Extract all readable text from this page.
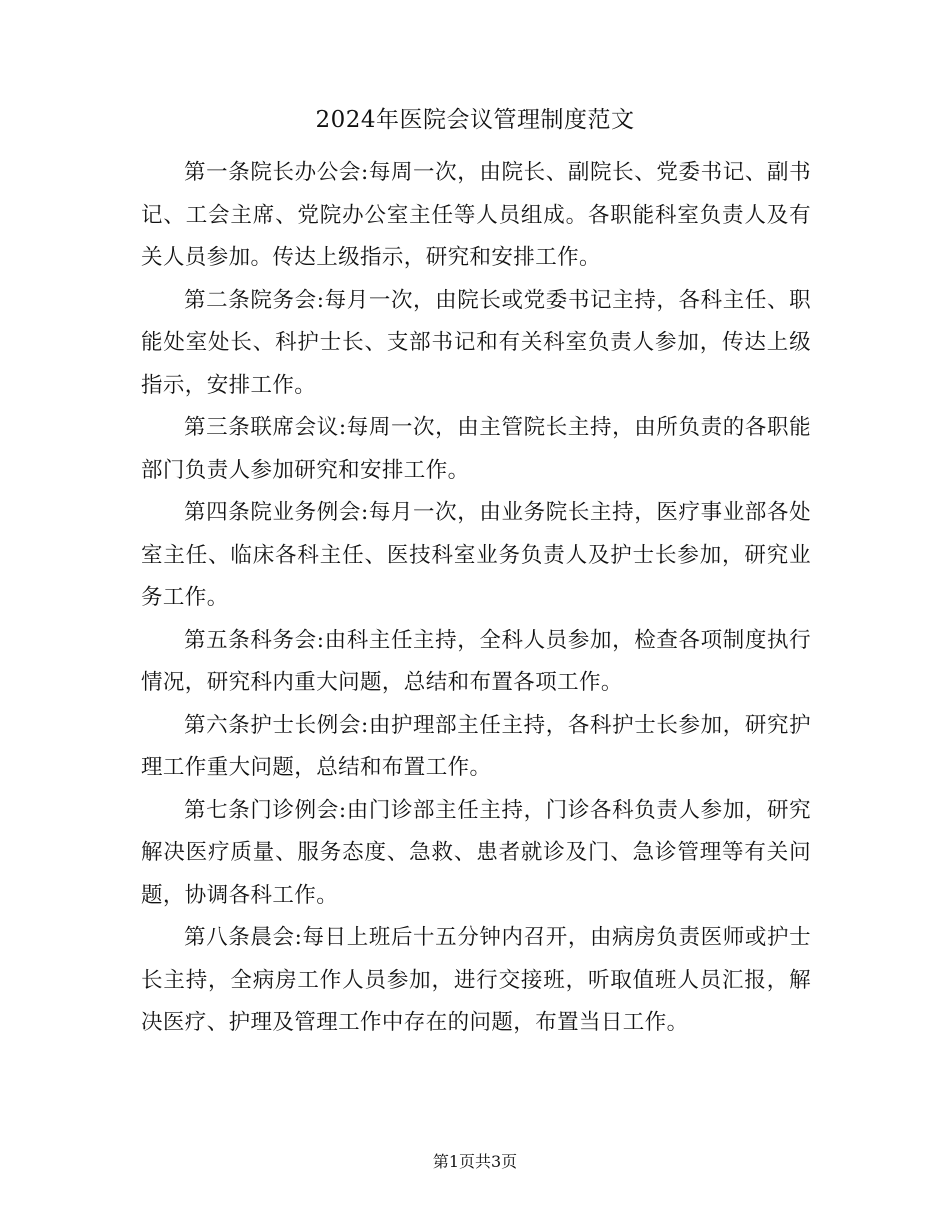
2024年医院会议管理制度范文

第一条院长办公会:每周一次，由院长、副院长、党委书记、副书记、工会主席、党院办公室主任等人员组成。各职能科室负责人及有关人员参加。传达上级指示，研究和安排工作。

第二条院务会:每月一次，由院长或党委书记主持，各科主任、职能处室处长、科护士长、支部书记和有关科室负责人参加，传达上级指示，安排工作。

第三条联席会议:每周一次，由主管院长主持，由所负责的各职能部门负责人参加研究和安排工作。

第四条院业务例会:每月一次，由业务院长主持，医疗事业部各处室主任、临床各科主任、医技科室业务负责人及护士长参加，研究业务工作。

第五条科务会:由科主任主持，全科人员参加，检查各项制度执行情况，研究科内重大问题，总结和布置各项工作。

第六条护士长例会:由护理部主任主持，各科护士长参加，研究护理工作重大问题，总结和布置工作。

第七条门诊例会:由门诊部主任主持，门诊各科负责人参加，研究解决医疗质量、服务态度、急救、患者就诊及门、急诊管理等有关问题，协调各科工作。

第八条晨会:每日上班后十五分钟内召开，由病房负责医师或护士长主持，全病房工作人员参加，进行交接班，听取值班人员汇报，解决医疗、护理及管理工作中存在的问题，布置当日工作。

第1页共3页
